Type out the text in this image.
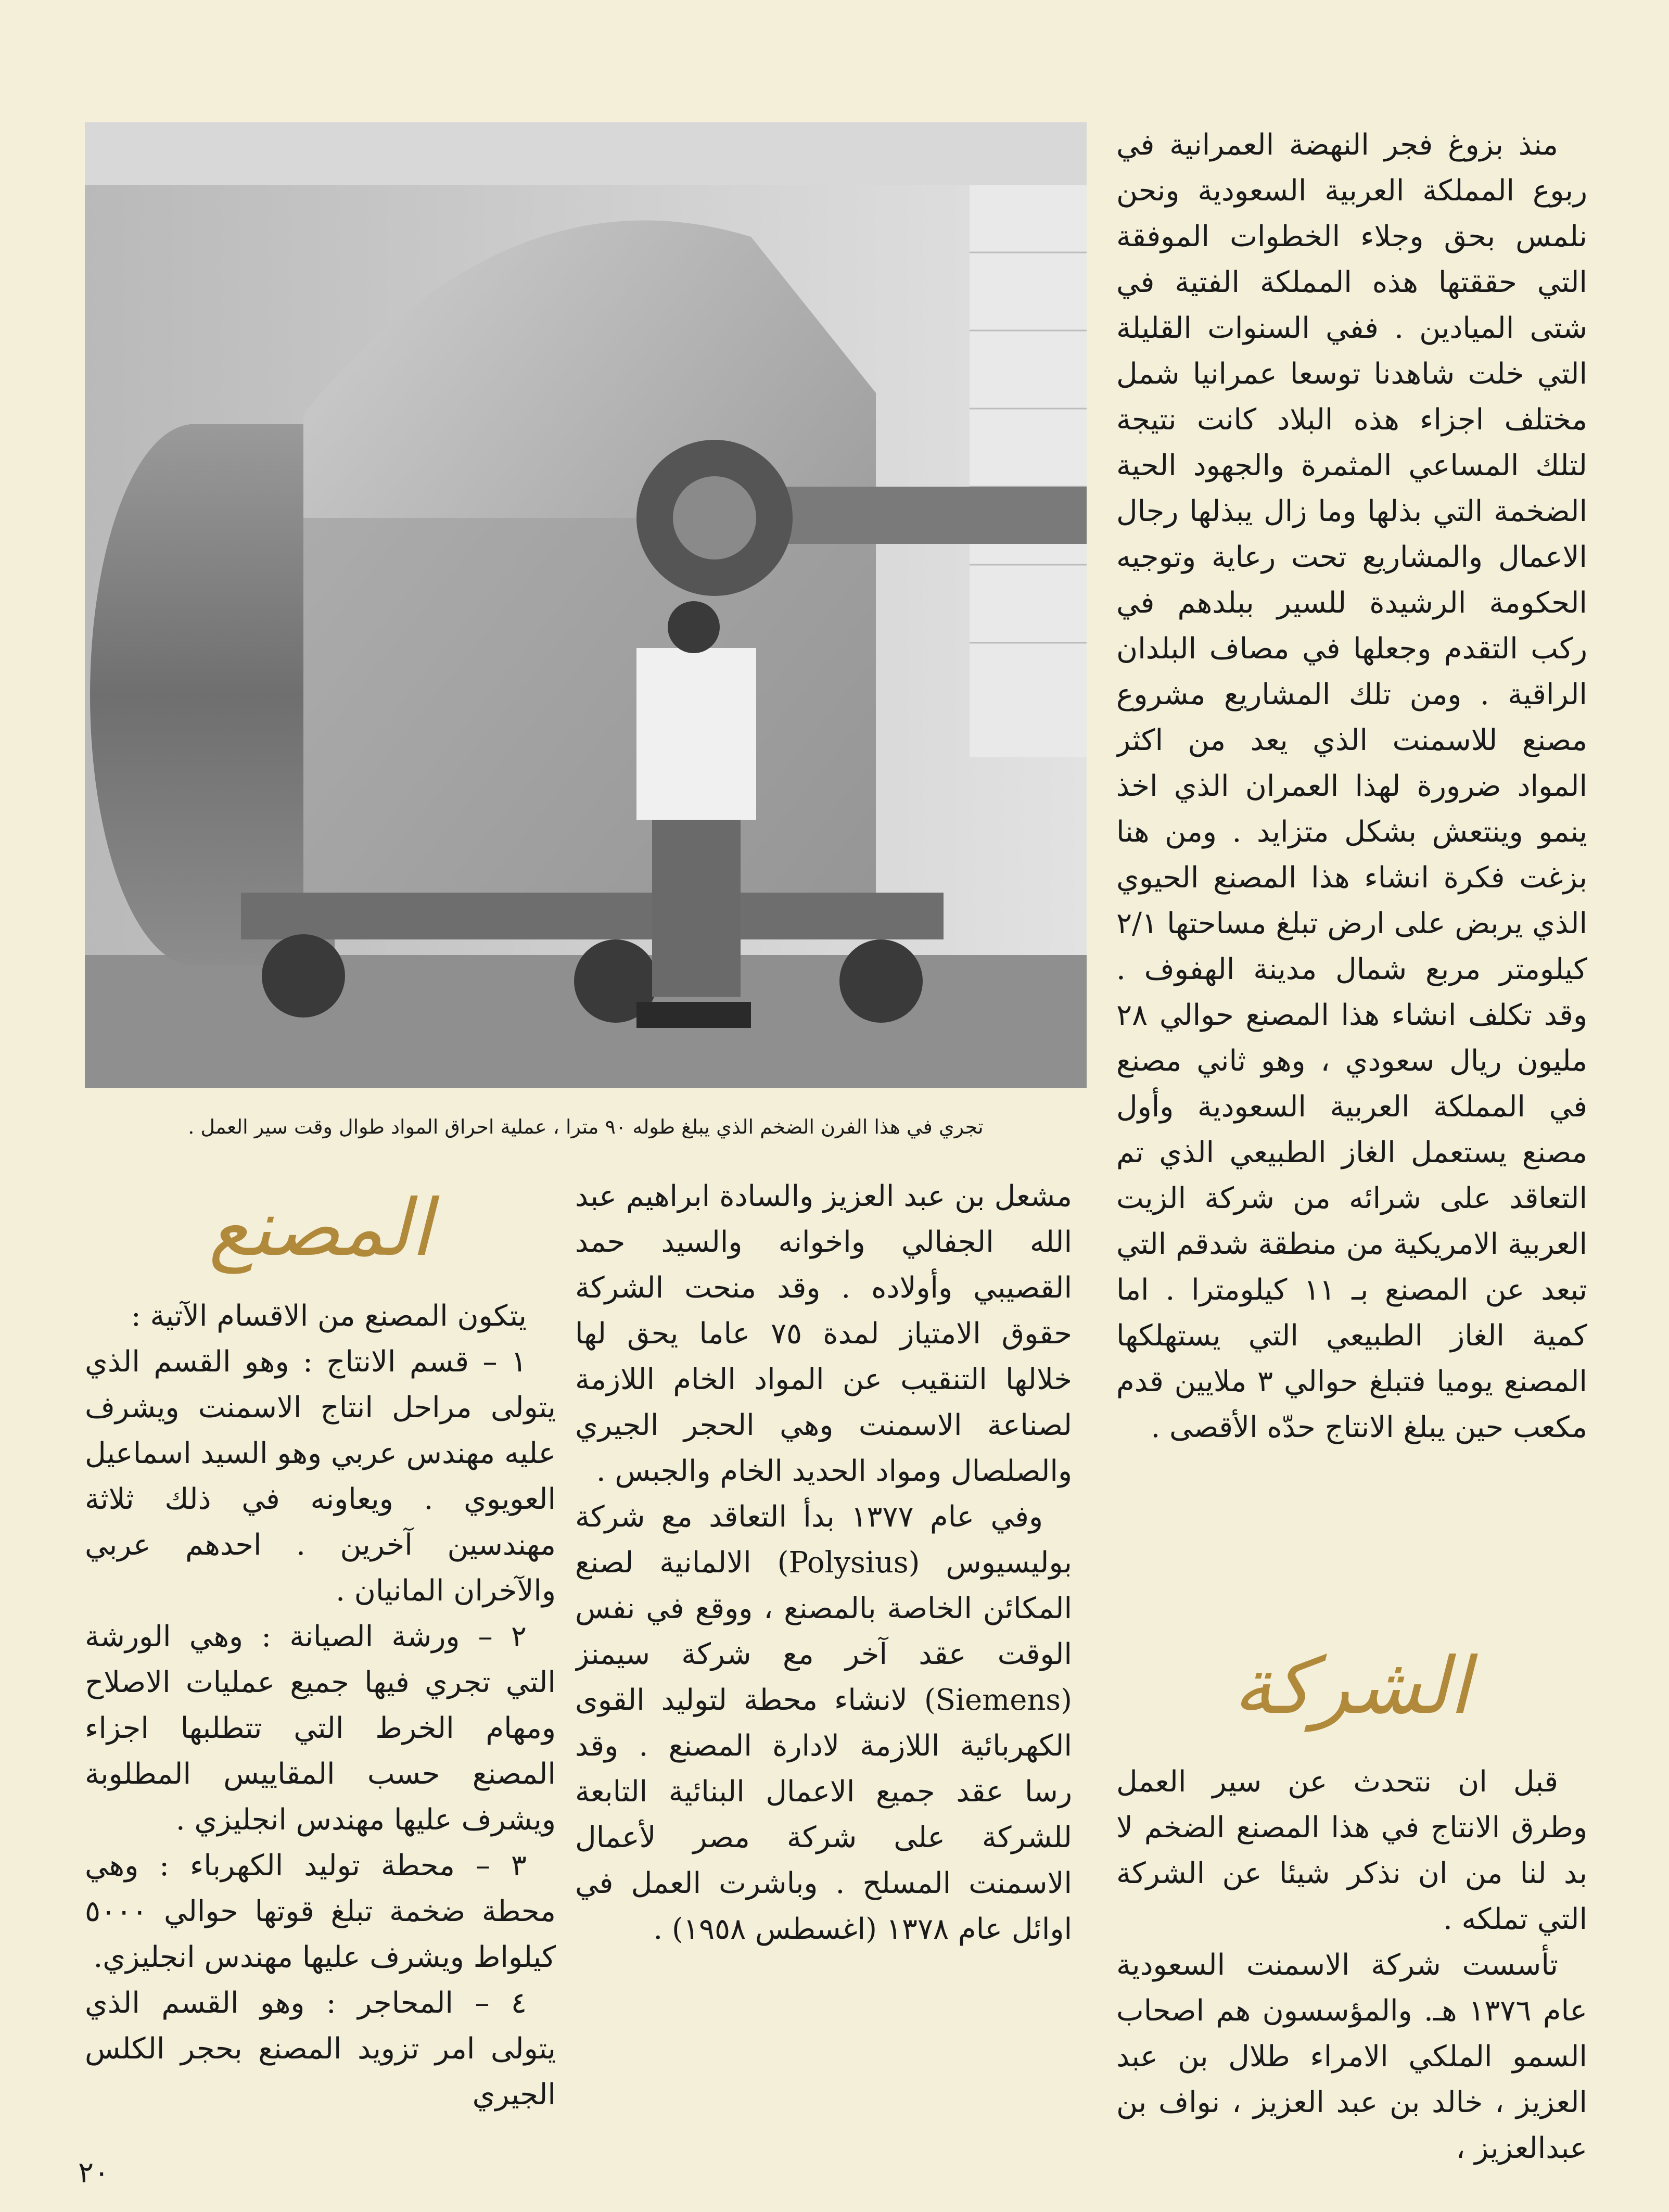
تجري في هذا الفرن الضخم الذي يبلغ طوله ٩٠ مترا ، عملية احراق المواد طوال وقت سير العمل .

منذ بزوغ فجر النهضة العمرانية في ربوع المملكة العربية السعودية ونحن نلمس بحق وجلاء الخطوات الموفقة التي حققتها هذه المملكة الفتية في شتى الميادين . ففي السنوات القليلة التي خلت شاهدنا توسعا عمرانيا شمل مختلف اجزاء هذه البلاد كانت نتيجة لتلك المساعي المثمرة والجهود الحية الضخمة التي بذلها وما زال يبذلها رجال الاعمال والمشاريع تحت رعاية وتوجيه الحكومة الرشيدة للسير ببلدهم في ركب التقدم وجعلها في مصاف البلدان الراقية . ومن تلك المشاريع مشروع مصنع للاسمنت الذي يعد من اكثر المواد ضرورة لهذا العمران الذي اخذ ينمو وينتعش بشكل متزايد . ومن هنا بزغت فكرة انشاء هذا المصنع الحيوي الذي يربض على ارض تبلغ مساحتها ٢/١ كيلومتر مربع شمال مدينة الهفوف . وقد تكلف انشاء هذا المصنع حوالي ٢٨ مليون ريال سعودي ، وهو ثاني مصنع في المملكة العربية السعودية وأول مصنع يستعمل الغاز الطبيعي الذي تم التعاقد على شرائه من شركة الزيت العربية الامريكية من منطقة شدقم التي تبعد عن المصنع بـ ١١ كيلومترا . اما كمية الغاز الطبيعي التي يستهلكها المصنع يوميا فتبلغ حوالي ٣ ملايين قدم مكعب حين يبلغ الانتاج حدّه الأقصى .

الشركة

قبل ان نتحدث عن سير العمل وطرق الانتاج في هذا المصنع الضخم لا بد لنا من ان نذكر شيئا عن الشركة التي تملكه .

تأسست شركة الاسمنت السعودية عام ١٣٧٦ هـ. والمؤسسون هم اصحاب السمو الملكي الامراء طلال بن عبد العزيز ، خالد بن عبد العزيز ، نواف بن عبدالعزيز ،

مشعل بن عبد العزيز والسادة ابراهيم عبد الله الجفالي واخوانه والسيد حمد القصيبي وأولاده . وقد منحت الشركة حقوق الامتياز لمدة ٧٥ عاما يحق لها خلالها التنقيب عن المواد الخام اللازمة لصناعة الاسمنت وهي الحجر الجيري والصلصال ومواد الحديد الخام والجبس .

وفي عام ١٣٧٧ بدأ التعاقد مع شركة بوليسيوس (Polysius) الالمانية لصنع المكائن الخاصة بالمصنع ، ووقع في نفس الوقت عقد آخر مع شركة سيمنز (Siemens) لانشاء محطة لتوليد القوى الكهربائية اللازمة لادارة المصنع . وقد رسا عقد جميع الاعمال البنائية التابعة للشركة على شركة مصر لأعمال الاسمنت المسلح . وباشرت العمل في اوائل عام ١٣٧٨ (اغسطس ١٩٥٨) .

المصنع

يتكون المصنع من الاقسام الآتية :

١ – قسم الانتاج : وهو القسم الذي يتولى مراحل انتاج الاسمنت ويشرف عليه مهندس عربي وهو السيد اسماعيل العويوي . ويعاونه في ذلك ثلاثة مهندسين آخرين . احدهم عربي والآخران المانيان .

٢ – ورشة الصيانة : وهي الورشة التي تجري فيها جميع عمليات الاصلاح ومهام الخرط التي تتطلبها اجزاء المصنع حسب المقاييس المطلوبة ويشرف عليها مهندس انجليزي .

٣ – محطة توليد الكهرباء : وهي محطة ضخمة تبلغ قوتها حوالي ٥٠٠٠ كيلواط ويشرف عليها مهندس انجليزي.

٤ – المحاجر : وهو القسم الذي يتولى امر تزويد المصنع بحجر الكلس الجيري

٢٠
